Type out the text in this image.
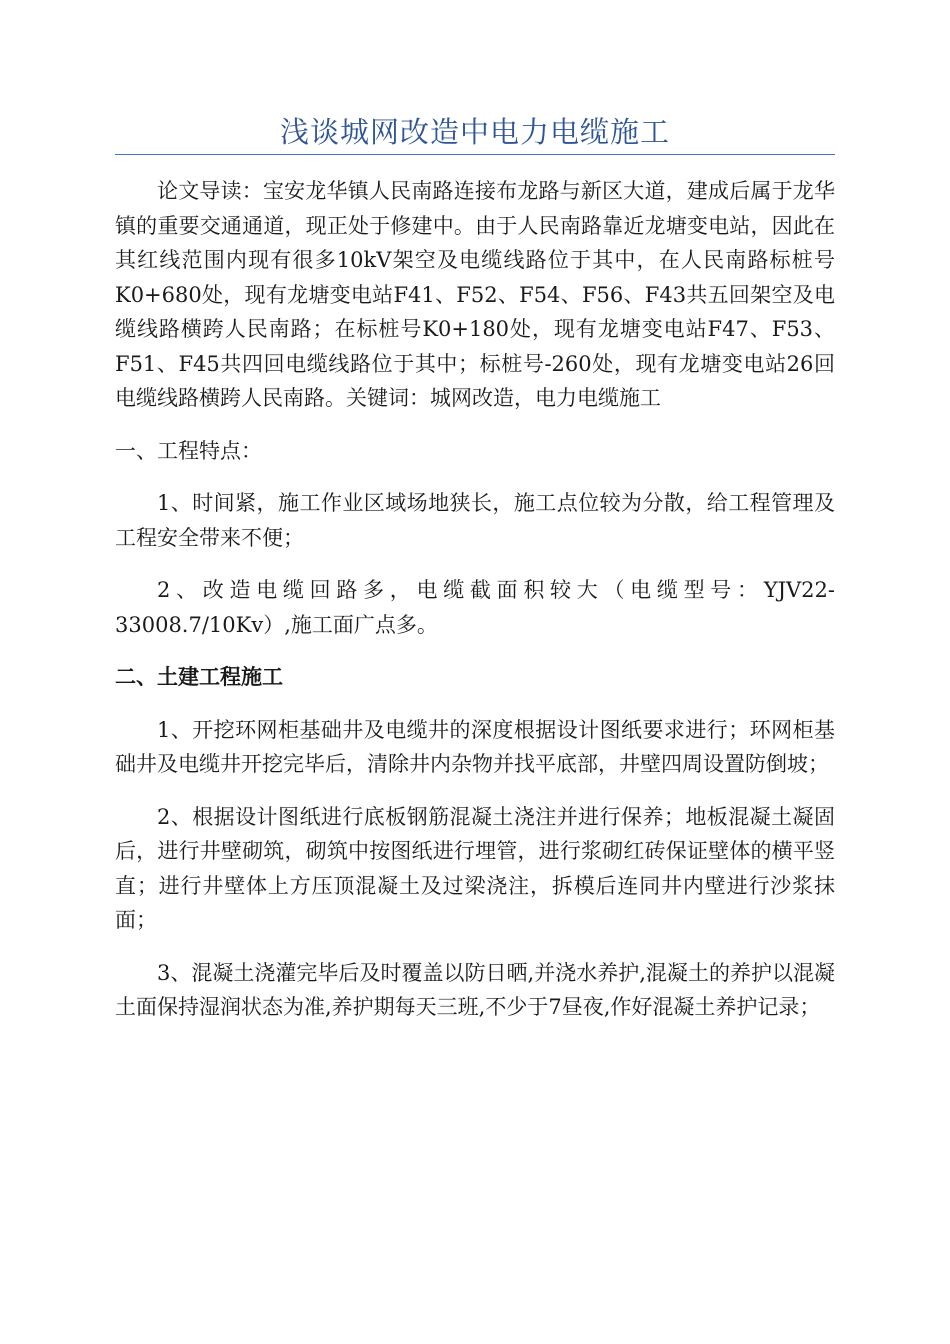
浅谈城网改造中电力电缆施工

论文导读：宝安龙华镇人民南路连接布龙路与新区大道，建成后属于龙华镇的重要交通通道，现正处于修建中。由于人民南路靠近龙塘变电站，因此在其红线范围内现有很多10kV架空及电缆线路位于其中，在人民南路标桩号K0+680处，现有龙塘变电站F41、F52、F54、F56、F43共五回架空及电缆线路横跨人民南路；在标桩号K0+180处，现有龙塘变电站F47、F53、F51、F45共四回电缆线路位于其中；标桩号-260处，现有龙塘变电站26回电缆线路横跨人民南路。关键词：城网改造，电力电缆施工

一、工程特点：

1、时间紧，施工作业区域场地狭长，施工点位较为分散，给工程管理及工程安全带来不便；

2、改造电缆回路多，电缆截面积较大（电缆型号：YJV22-33008.7/10Kv）,施工面广点多。

二、土建工程施工

1、开挖环网柜基础井及电缆井的深度根据设计图纸要求进行；环网柜基础井及电缆井开挖完毕后，清除井内杂物并找平底部，井壁四周设置防倒坡；

2、根据设计图纸进行底板钢筋混凝土浇注并进行保养；地板混凝土凝固后，进行井壁砌筑，砌筑中按图纸进行埋管，进行浆砌红砖保证壁体的横平竖直；进行井壁体上方压顶混凝土及过梁浇注，拆模后连同井内壁进行沙浆抹面；

3、混凝土浇灌完毕后及时覆盖以防日晒,并浇水养护,混凝土的养护以混凝土面保持湿润状态为准,养护期每天三班,不少于7昼夜,作好混凝土养护记录；
